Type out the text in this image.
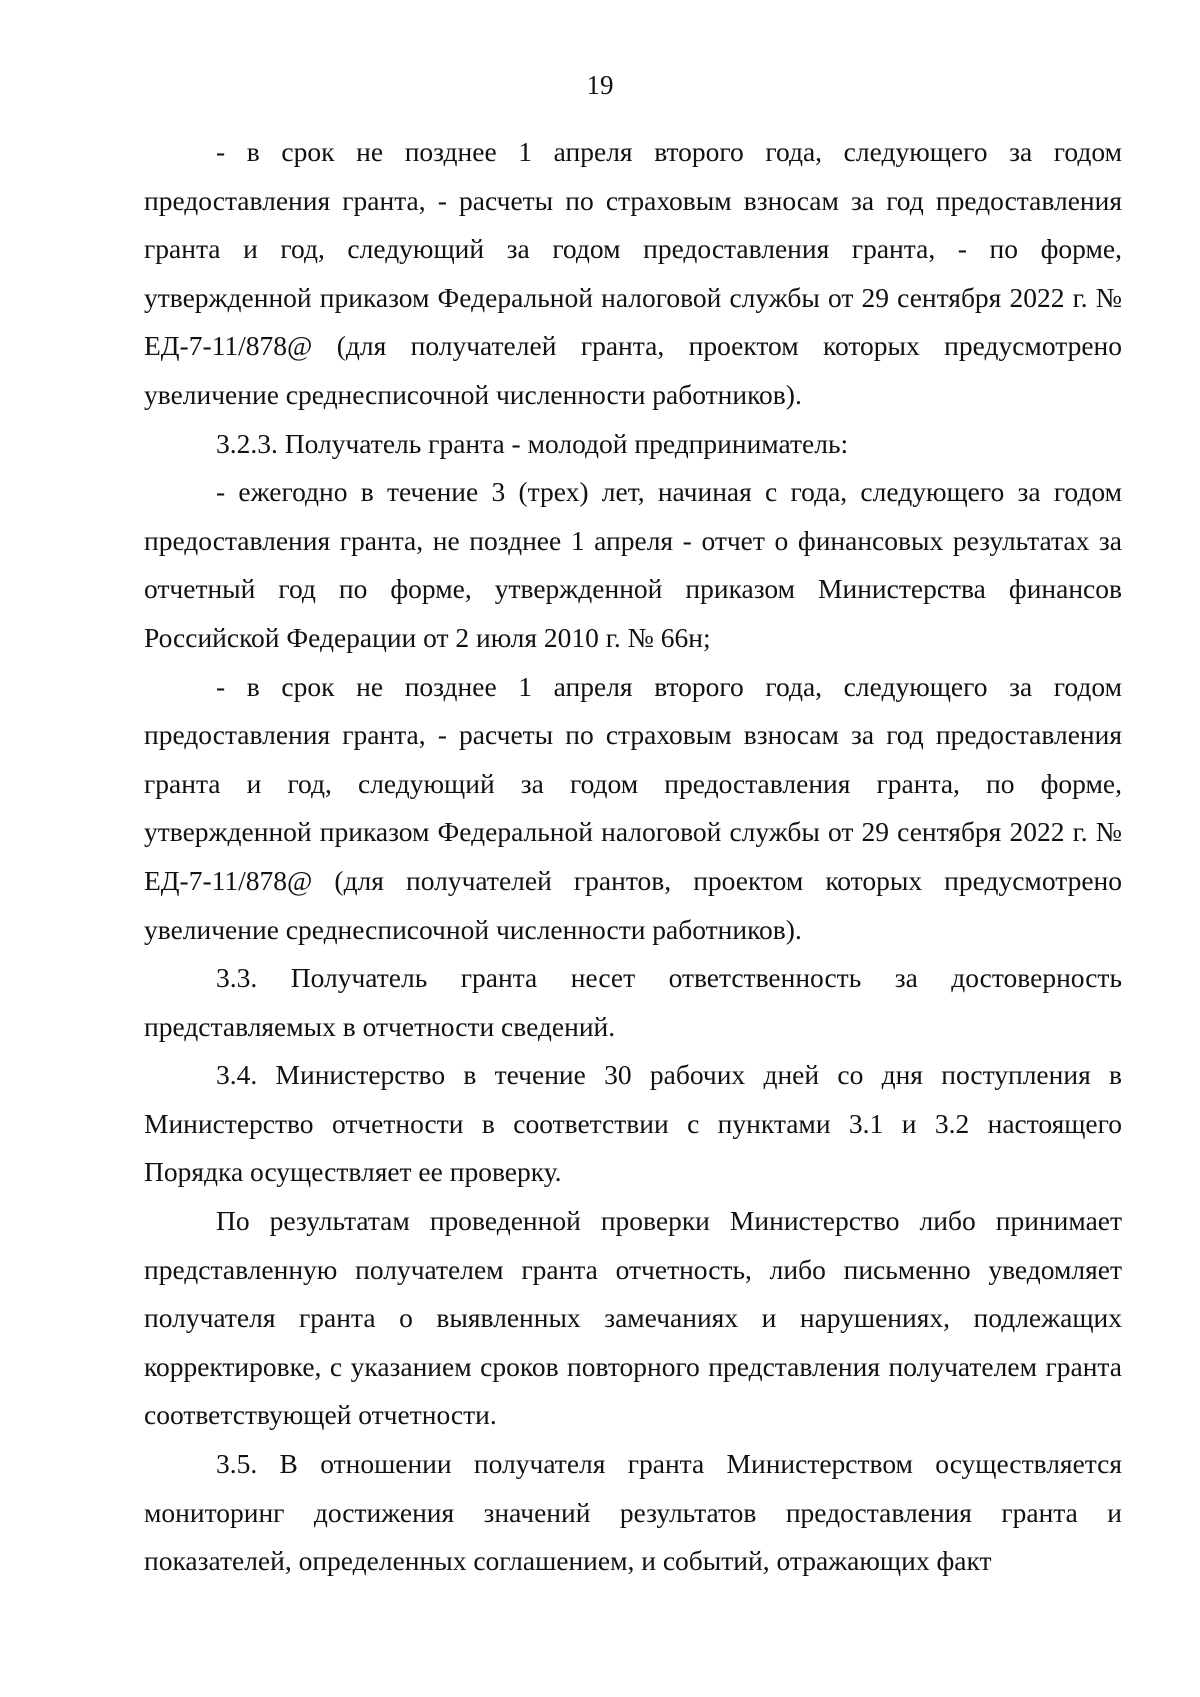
19

- в срок не позднее 1 апреля второго года, следующего за годом предоставления гранта, - расчеты по страховым взносам за год предоставления гранта и год, следующий за годом предоставления гранта, - по форме, утвержденной приказом Федеральной налоговой службы от 29 сентября 2022 г. № ЕД-7-11/878@ (для получателей гранта, проектом которых предусмотрено увеличение среднесписочной численности работников).

3.2.3. Получатель гранта - молодой предприниматель:

- ежегодно в течение 3 (трех) лет, начиная с года, следующего за годом предоставления гранта, не позднее 1 апреля - отчет о финансовых результатах за отчетный год по форме, утвержденной приказом Министерства финансов Российской Федерации от 2 июля 2010 г. № 66н;

- в срок не позднее 1 апреля второго года, следующего за годом предоставления гранта, - расчеты по страховым взносам за год предоставления гранта и год, следующий за годом предоставления гранта, по форме, утвержденной приказом Федеральной налоговой службы от 29 сентября 2022 г. № ЕД-7-11/878@ (для получателей грантов, проектом которых предусмотрено увеличение среднесписочной численности работников).

3.3. Получатель гранта несет ответственность за достоверность представляемых в отчетности сведений.

3.4. Министерство в течение 30 рабочих дней со дня поступления в Министерство отчетности в соответствии с пунктами 3.1 и 3.2 настоящего Порядка осуществляет ее проверку.

По результатам проведенной проверки Министерство либо принимает представленную получателем гранта отчетность, либо письменно уведомляет получателя гранта о выявленных замечаниях и нарушениях, подлежащих корректировке, с указанием сроков повторного представления получателем гранта соответствующей отчетности.

3.5. В отношении получателя гранта Министерством осуществляется мониторинг достижения значений результатов предоставления гранта и показателей, определенных соглашением, и событий, отражающих факт
